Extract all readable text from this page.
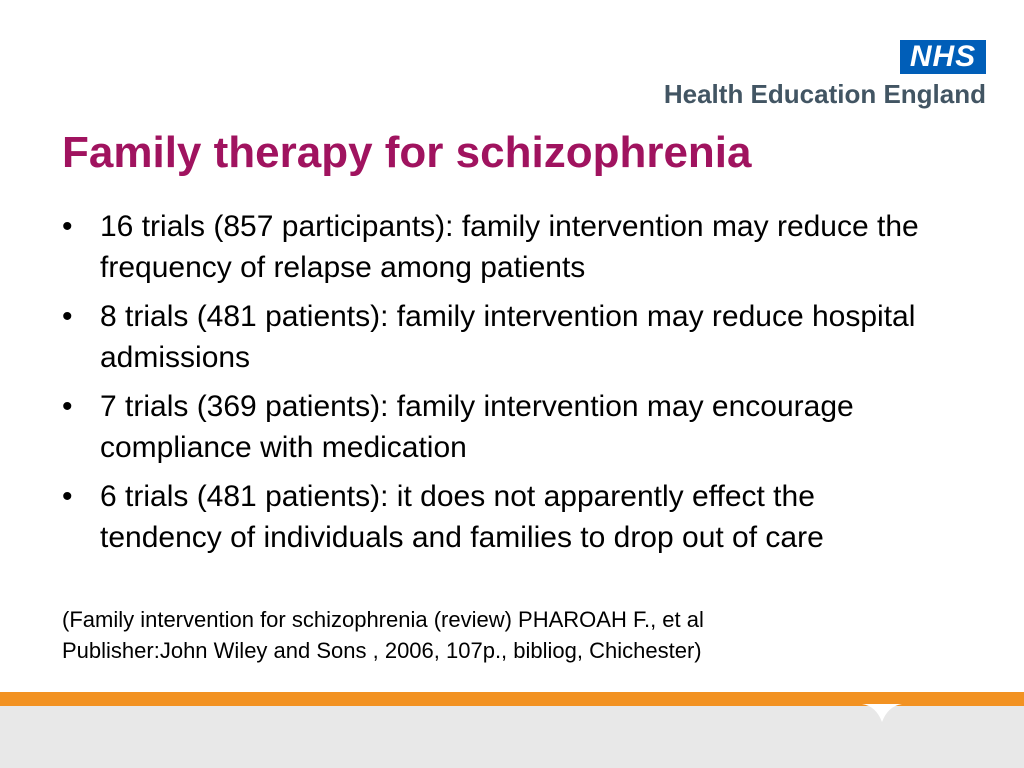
NHS
Health Education England
Family therapy for schizophrenia
• 16 trials (857 participants): family intervention may reduce the frequency of relapse among patients
• 8 trials (481 patients): family intervention may reduce hospital admissions
• 7 trials (369 patients): family intervention may encourage compliance with medication
• 6 trials (481 patients): it does not apparently effect the tendency of individuals and families to drop out of care

(Family intervention for schizophrenia (review) PHAROAH F., et al
Publisher:John Wiley and Sons , 2006, 107p., bibliog, Chichester)
